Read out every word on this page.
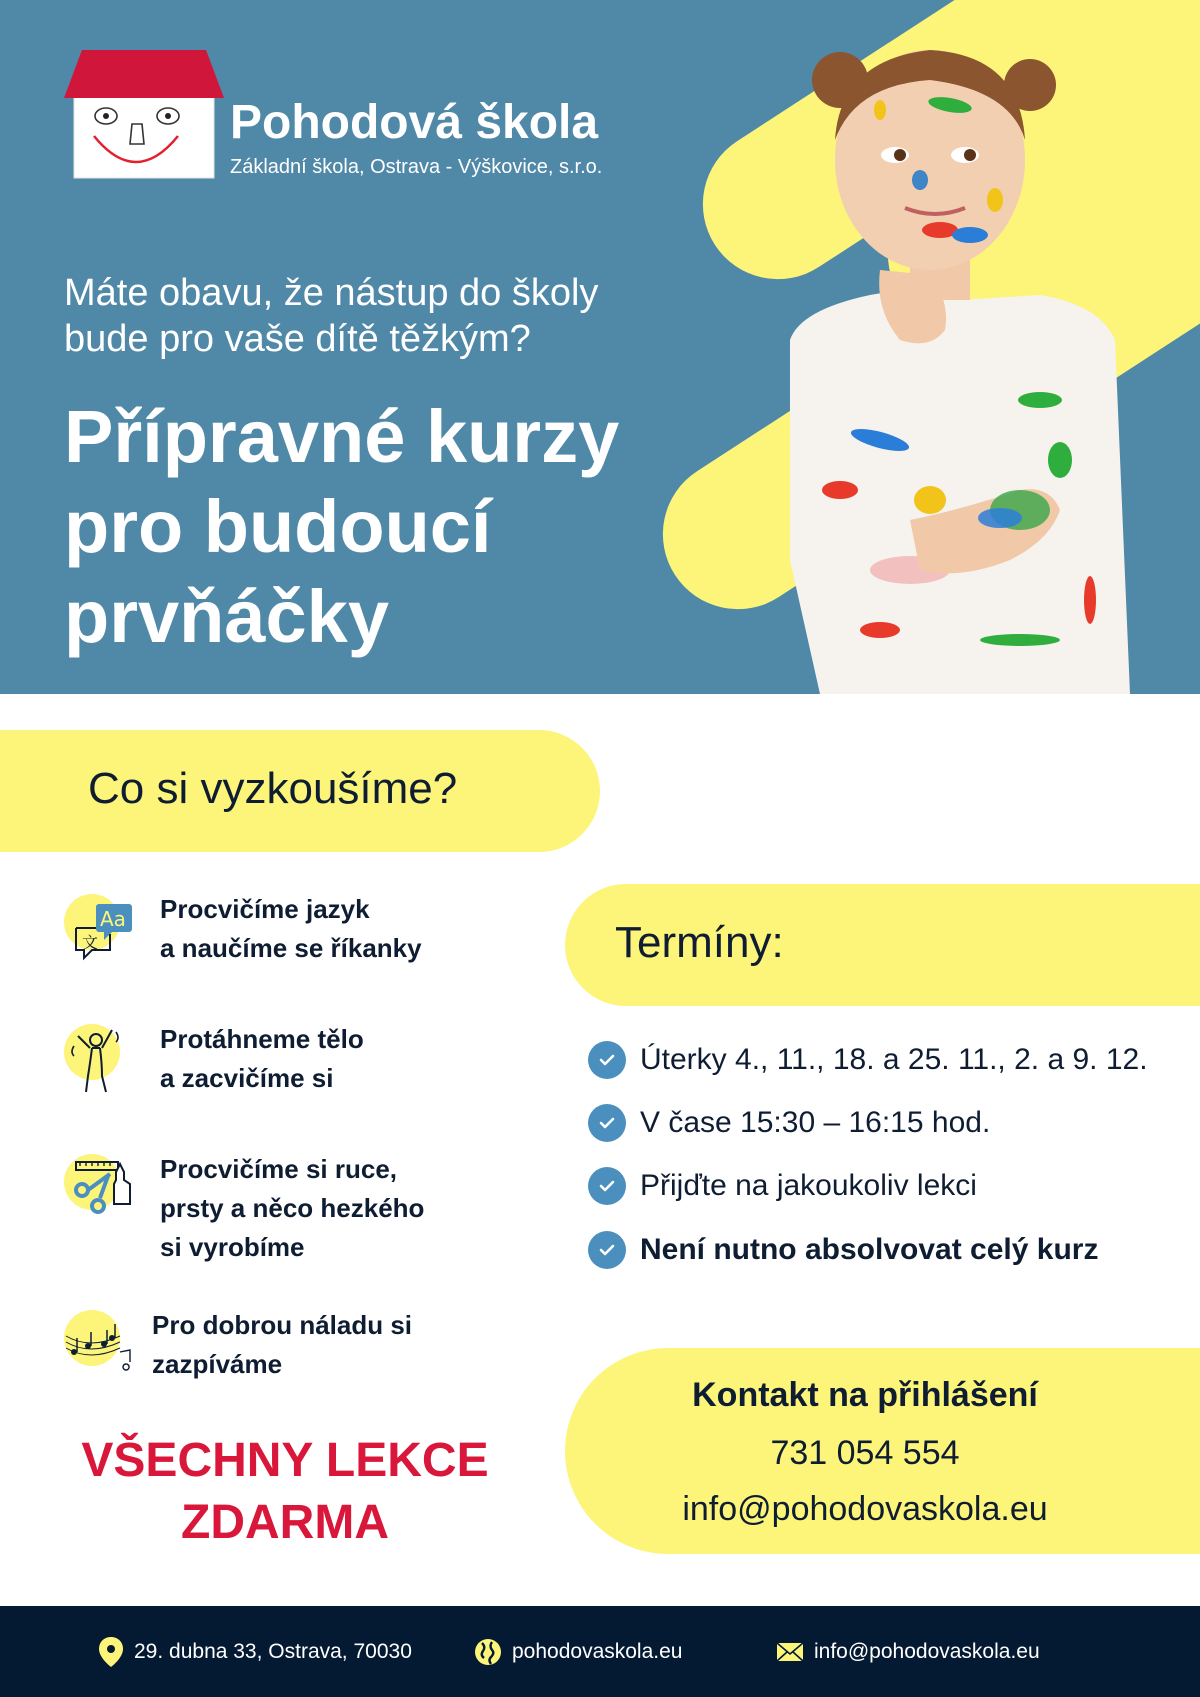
Pohodová škola
Základní škola, Ostrava - Výškovice, s.r.o.
Máte obavu, že nástup do školy
bude pro vaše dítě těžkým?
Přípravné kurzy
pro budoucí
prvňáčky
Co si vyzkoušíme?
Aa
文
Procvičíme jazyk
a naučíme se říkanky
Protáhneme tělo
a zacvičíme si
Procvičíme si ruce,
prsty a něco hezkého
si vyrobíme
Pro dobrou náladu si
zazpíváme
VŠECHNY LEKCE
ZDARMA
Termíny:
Úterky 4., 11., 18. a 25. 11., 2. a 9. 12.
V čase 15:30 – 16:15 hod.
Přijďte na jakoukoliv lekci
Není nutno absolvovat celý kurz
Kontakt na přihlášení
731 054 554
info@pohodovaskola.eu
29. dubna 33, Ostrava, 70030	pohodovaskola.eu	info@pohodovaskola.eu
